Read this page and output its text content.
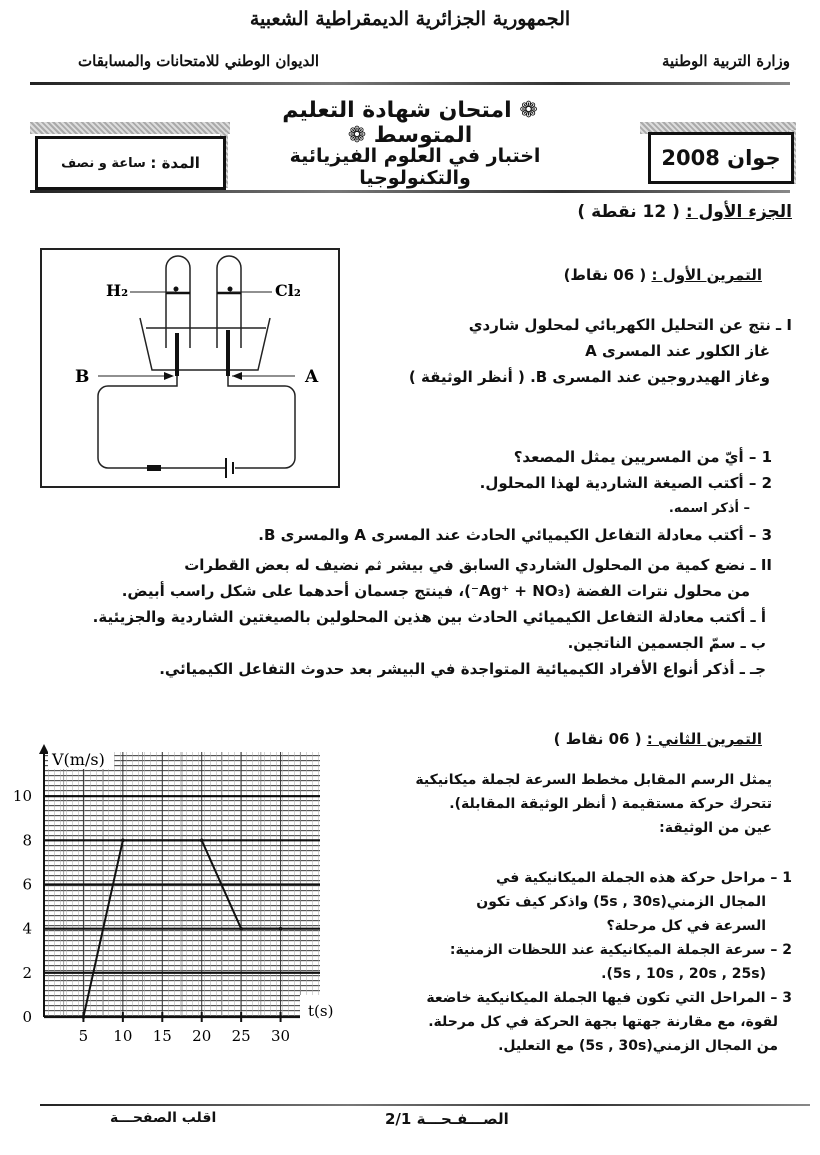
الجمهورية الجزائرية الديمقراطية الشعبية
وزارة التربية الوطنية
الديوان الوطني للامتحانات والمسابقات
❁ امتحان شهادة التعليم المتوسط ❁
اختبار في العلوم الفيزيائية والتكنولوجيا
المدة :

ساعة و نصف	جوان 2008
الجزء الأول : ( 12 نقطة )
H₂	Cl₂
B	A
التمرين الأول : ( 06 نقاط)
I ـ نتج عن التحليل الكهربائي لمحلول شاردي
غاز الكلور عند المسرى A
وغاز الهيدروجين عند المسرى B. ( أنظر الوثيقة )
1 – أيّ من المسريين يمثل المصعد؟
2 – أكتب الصيغة الشاردية لهذا المحلول.
– أذكر اسمه.
3 – أكتب معادلة التفاعل الكيميائي الحادث عند المسرى A والمسرى B.
II ـ نضع كمية من المحلول الشاردي السابق في بيشر ثم نضيف له بعض القطرات
من محلول نترات الفضة (Ag⁺ + NO₃⁻)، فينتج جسمان أحدهما على شكل راسب أبيض.
أ ـ أكتب معادلة التفاعل الكيميائي الحادث بين هذين المحلولين بالصيغتين الشاردية والجزيئية.
ب ـ سمّ الجسمين الناتجين.
جـ ـ أذكر أنواع الأفراد الكيميائية المتواجدة في البيشر بعد حدوث التفاعل الكيميائي.
5 10 15 20 25 30
0
2
4
6
8
10
V(m/s)
t(s)
التمرين الثاني : ( 06 نقاط )
يمثل الرسم المقابل مخطط السرعة لجملة ميكانيكية
تتحرك حركة مستقيمة ( أنظر الوثيقة المقابلة).
عين من الوثيقة:
1 – مراحل حركة هذه الجملة الميكانيكية في
المجال الزمني(5s , 30s) واذكر كيف تكون
السرعة في كل مرحلة؟
2 – سرعة الجملة الميكانيكية عند اللحظات الزمنية:
(5s , 10s , 20s , 25s).
3 – المراحل التي تكون فيها الجملة الميكانيكية خاضعة
لقوة، مع مقارنة جهتها بجهة الحركة في كل مرحلة.
من المجال الزمني(5s , 30s) مع التعليل.
الصـــفـحـــة 2/1
اقلب الصفحـــة
